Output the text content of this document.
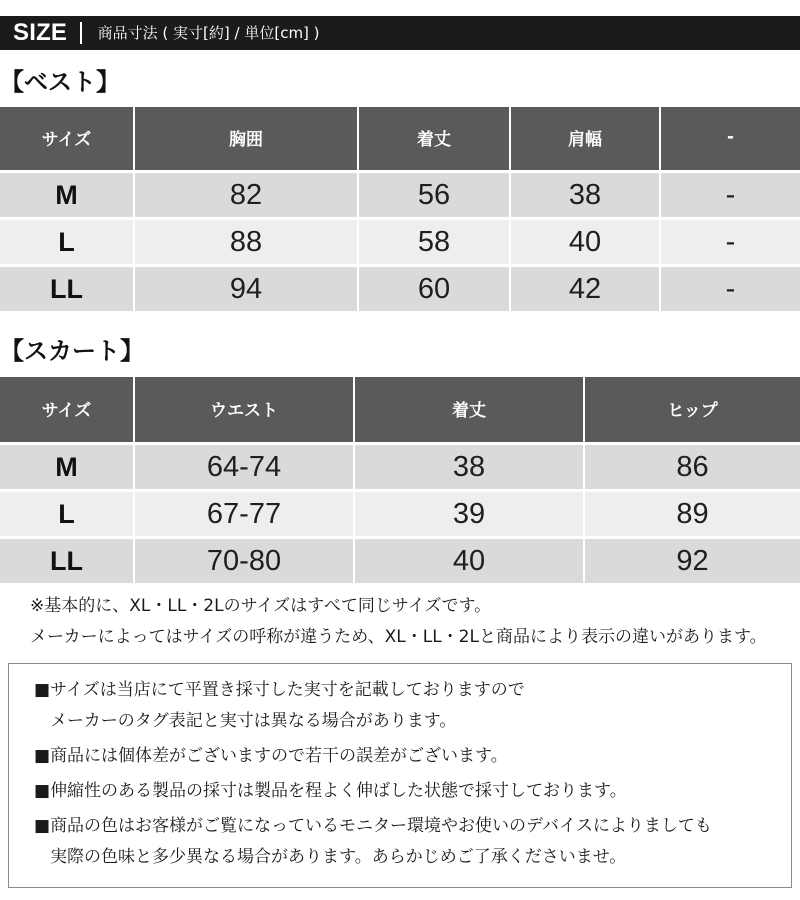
SIZE 商品寸法 ( 実寸[約] / 単位[cm] )
【ベスト】
サイズ	胸囲	着丈	肩幅	-
M	82	56	38	-
L	88	58	40	-
LL	94	60	42	-
【スカート】
サイズ	ウエスト	着丈	ヒップ
M	64-74	38	86
L	67-77	39	89
LL	70-80	40	92
※基本的に、XL・LL・2Lのサイズはすべて同じサイズです。
メーカーによってはサイズの呼称が違うため、XL・LL・2Lと商品により表示の違いがあります。
■ サイズは当店にて平置き採寸した実寸を記載しておりますので
メーカーのタグ表記と実寸は異なる場合があります。
■ 商品には個体差がございますので若干の誤差がございます。
■ 伸縮性のある製品の採寸は製品を程よく伸ばした状態で採寸しております。
■ 商品の色はお客様がご覧になっているモニター環境やお使いのデバイスによりましても
実際の色味と多少異なる場合があります。あらかじめご了承くださいませ。
